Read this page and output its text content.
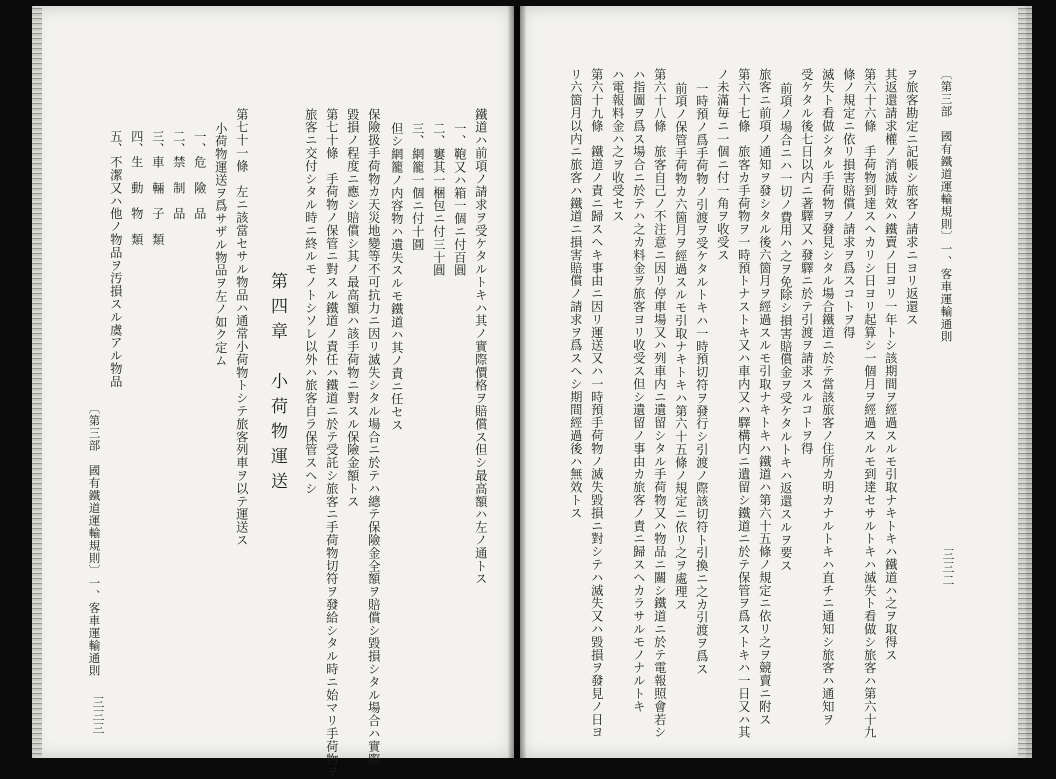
〔第三部　國有鐵道運輸規則〕一、客車運輸通則
三三三
鐵道ハ前項ノ請求ヲ受ケタルトキハ其ノ實際價格ヲ賠償ス但シ最高額ハ左ノ通トス
一、鞄又ハ箱一個ニ付百圓
二、窶其一梱包ニ付三十圓
三、網籠一個ニ付十圓
但シ網籠ノ内容物ハ遺失スルモ鐵道ハ其ノ責ニ任セス
保險扱手荷物カ天災地變等不可抗力ニ因リ滅失シタル場合ニ於テハ總テ保險金全額ヲ賠償シ毀損シタル場合ハ實際
毀損ノ程度ニ應シ賠償シ其ノ最高額ハ該手荷物ニ對スル保險金額トス
第七十條　手荷物ノ保管ニ對スル鐵道ノ責任ハ鐵道ニ於テ受託シ旅客ニ手荷物切符ヲ發給シタル時ニ始マリ手荷物ヲ
旅客ニ交付シタル時ニ終ルモノトシソレ以外ハ旅客自ラ保管スヘシ
第四章　小荷物運送
第七十一條　左ニ該當セサル物品ハ通常小荷物トシテ旅客列車ヲ以テ運送ス
小荷物運送ヲ爲サザル物品ヲ左ノ如ク定ム
一、危　險　品
二、禁　制　品
三、車　輛　子　類
四、生　動　物　類
五、不潔又ハ他ノ物品ヲ汚損スル虞アル物品	〔第三部　國有鐵道運輸規則〕一、客車運輸通則
三三二
ヲ旅客勘定ニ記帳シ旅客ノ請求ニヨリ返還ス
其返還請求權ノ消滅時效ハ鐵賣ノ日ヨリ一年トシ該期間ヲ經過スルモ引取ナキトキハ鐵道ハ之ヲ取得ス
第六十六條　手荷物到達スヘカリシ日ヨリ起算シ一個月ヲ經過スルモ到達セサルトキハ滅失ト看做シ旅客ハ第六十九
條ノ規定ニ依リ損害賠償ノ請求ヲ爲スコトヲ得
滅失ト看做シタル手荷物ヲ發見シタル場合鐵道ニ於テ當該旅客ノ住所カ明カナルトキハ直チニ通知シ旅客ハ通知ヲ
受ケタル後七日以内ニ著驛又ハ發驛ニ於テ引渡ヲ請求スルコトヲ得
前項ノ場合ニハ一切ノ費用ハ之ヲ免除シ損害賠償金ヲ受ケタルトキハ返還スルヲ要ス
旅客ニ前項ノ通知ヲ發シタル後六箇月ヲ經過スルモ引取ナキトキハ鐵道ハ第六十五條ノ規定ニ依リ之ヲ競賣ニ附ス
第六十七條　旅客カ手荷物ヲ一時預トナストキ又ハ車内又ハ驛構内ニ遺留シ鐵道ニ於テ保管ヲ爲ストキハ一日又ハ其
ノ未滿毎ニ一個ニ付一角ヲ收受ス
一時預ノ爲手荷物ノ引渡ヲ受ケタルトキハ一時預切符ヲ發行シ引渡ノ際該切符ト引換ニ之カ引渡ヲ爲ス
前項ノ保管手荷物カ六箇月ヲ經過スルモ引取ナキトキハ第六十五條ノ規定ニ依リ之ヲ處理ス
第六十八條　旅客自己ノ不注意ニ因リ停車場又ハ列車内ニ遺留シタル手荷物又ハ物品ニ關シ鐵道ニ於テ電報照會若シ
ハ指圖ヲ爲ス場合ニ於テハ之カ料金ヲ旅客ヨリ收受ス但シ遺留ノ事由カ旅客ノ責ニ歸スヘカラサルモノナルトキ
ハ電報料金ハ之ヲ收受セス
第六十九條　鐵道ノ責ニ歸スヘキ事由ニ因リ運送又ハ一時預手荷物ノ滅失毀損ニ對シテハ滅失又ハ毀損ヲ發見ノ日ヨ
リ六箇月以内ニ旅客ハ鐵道ニ損害賠償ノ請求ヲ爲スヘシ期間經過後ハ無效トス
